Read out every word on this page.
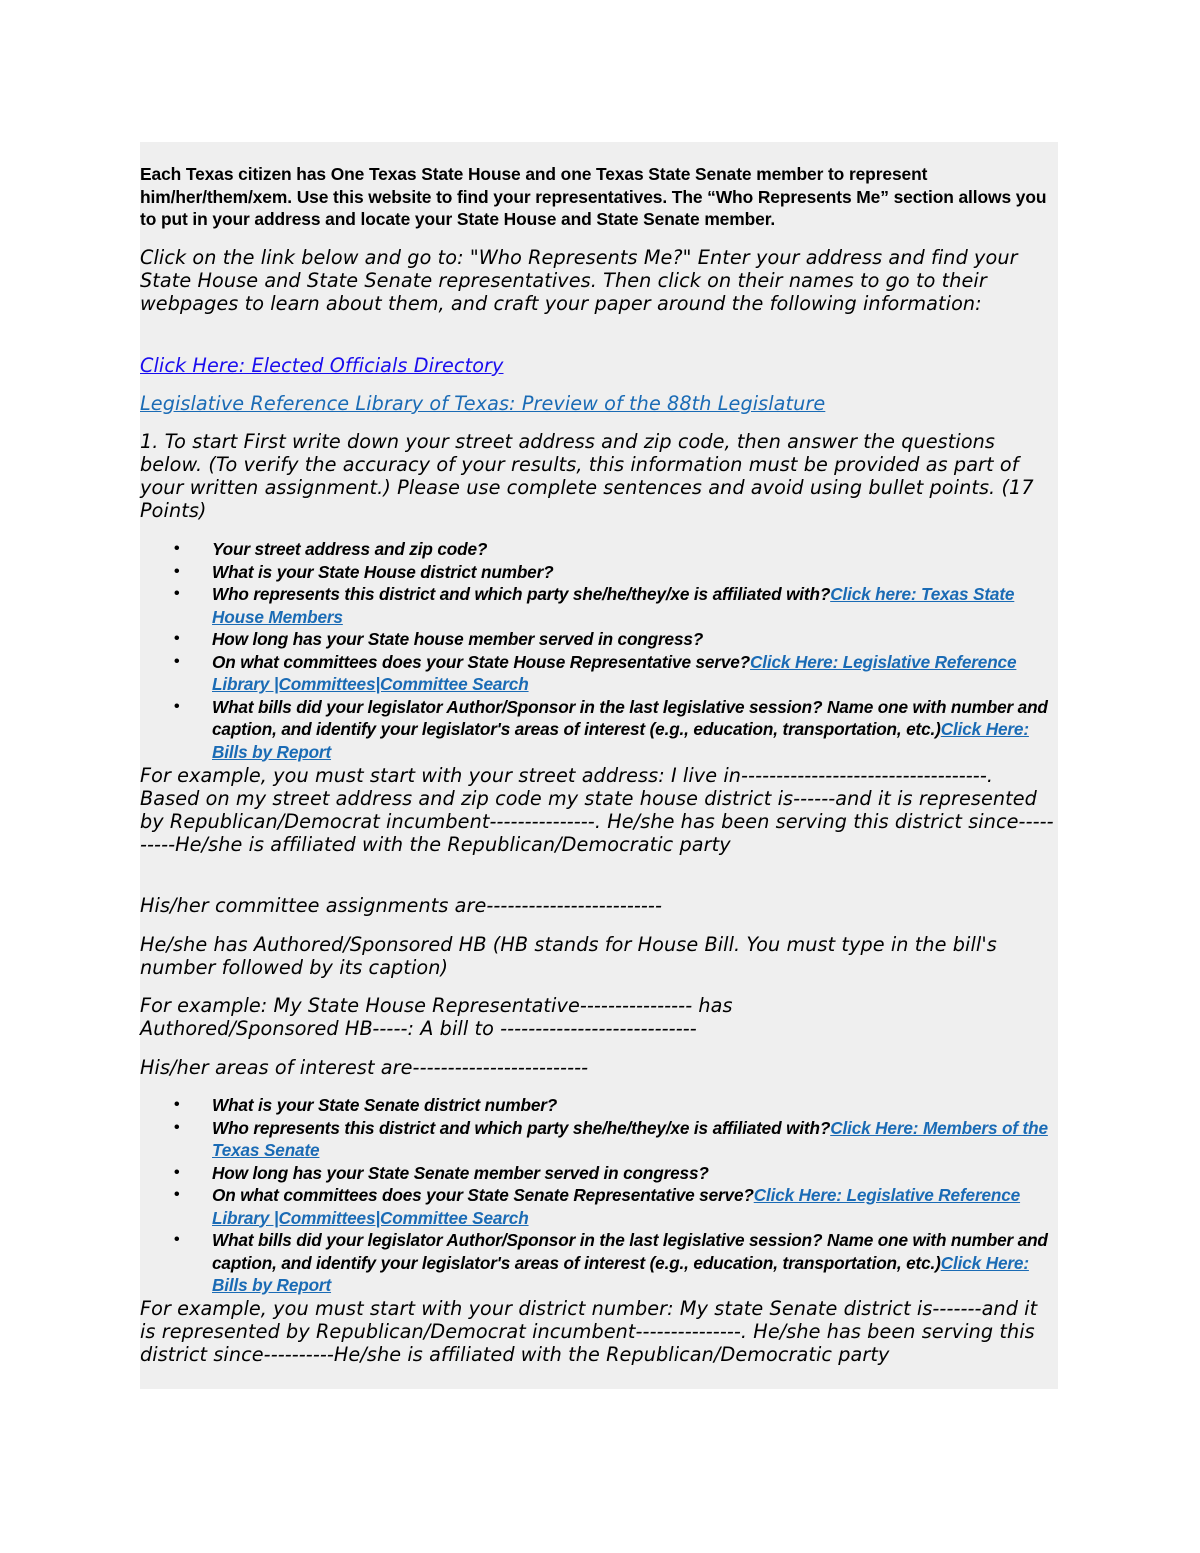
Each Texas citizen has One Texas State House and one Texas State Senate member to represent him/her/them/xem. Use this website to find your representatives. The “Who Represents Me” section allows you to put in your address and locate your State House and State Senate member.

Click on the link below and go to: "Who Represents Me?" Enter your address and find your State House and State Senate representatives. Then click on their names to go to their webpages to learn about them, and craft your paper around the following information:

Click Here: Elected Officials Directory

Legislative Reference Library of Texas: Preview of the 88th Legislature

1. To start First write down your street address and zip code, then answer the questions below. (To verify the accuracy of your results, this information must be provided as part of your written assignment.) Please use complete sentences and avoid using bullet points. (17 Points)

• Your street address and zip code?
• What is your State House district number?
• Who represents this district and which party she/he/they/xe is affiliated with?Click here: Texas State House Members
• How long has your State house member served in congress?
• On what committees does your State House Representative serve?Click Here: Legislative Reference Library |Committees|Committee Search
• What bills did your legislator Author/Sponsor in the last legislative session? Name one with number and caption, and identify your legislator's areas of interest (e.g., education, transportation, etc.)Click Here: Bills by Report

For example, you must start with your street address: I live in-----------------------------------. Based on my street address and zip code my state house district is------and it is represented by Republican/Democrat incumbent---------------. He/she has been serving this district since----------He/she is affiliated with the Republican/Democratic party

His/her committee assignments are-------------------------

He/she has Authored/Sponsored HB (HB stands for House Bill. You must type in the bill's number followed by its caption)

For example: My State House Representative---------------- has Authored/Sponsored HB-----: A bill to ----------------------------

His/her areas of interest are-------------------------

• What is your State Senate district number?
• Who represents this district and which party she/he/they/xe is affiliated with?Click Here: Members of the Texas Senate
• How long has your State Senate member served in congress?
• On what committees does your State Senate Representative serve?Click Here: Legislative Reference Library |Committees|Committee Search
• What bills did your legislator Author/Sponsor in the last legislative session? Name one with number and caption, and identify your legislator's areas of interest (e.g., education, transportation, etc.)Click Here: Bills by Report

For example, you must start with your district number: My state Senate district is-------and it is represented by Republican/Democrat incumbent---------------. He/she has been serving this district since----------He/she is affiliated with the Republican/Democratic party
